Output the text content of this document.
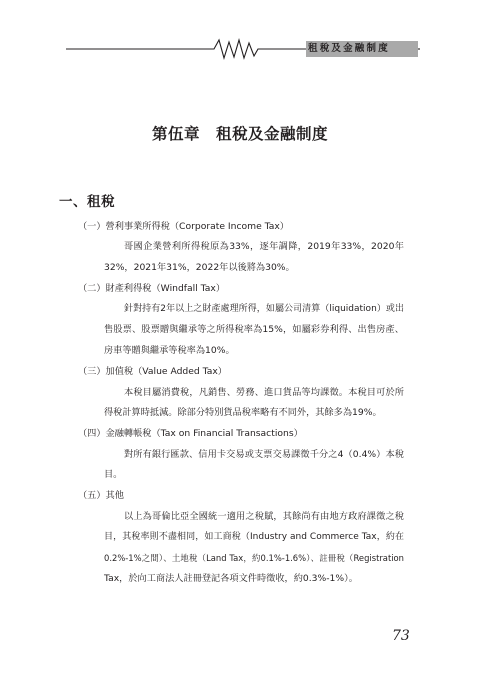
租稅及金融制度
第伍章　租稅及金融制度
一、租稅
（一）營利事業所得稅（Corporate Income Tax）
哥國企業營利所得稅原為33%，逐年調降，2019年33%，2020年
32%，2021年31%，2022年以後將為30%。
（二）財產利得稅（Windfall Tax）
針對持有2年以上之財產處理所得，如屬公司清算（liquidation）或出
售股票、股票贈與繼承等之所得稅率為15%，如屬彩券利得、出售房產、
房車等贈與繼承等稅率為10%。
（三）加值稅（Value Added Tax）
本稅目屬消費稅，凡銷售、勞務、進口貨品等均課徵。本稅目可於所
得稅計算時抵減。除部分特別貨品稅率略有不同外，其餘多為19%。
（四）金融轉帳稅（Tax on Financial Transactions）
對所有銀行匯款、信用卡交易或支票交易課徵千分之4（0.4%）本稅
目。
（五）其他
以上為哥倫比亞全國統一適用之稅賦，其餘尚有由地方政府課徵之稅
目，其稅率則不盡相同，如工商稅（Industry and Commerce Tax，約在
0.2%-1%之間）、土地稅（Land Tax，約0.1%-1.6%）、註冊稅（Registration
Tax，於向工商法人註冊登記各項文件時徵收，約0.3%-1%）。
73
